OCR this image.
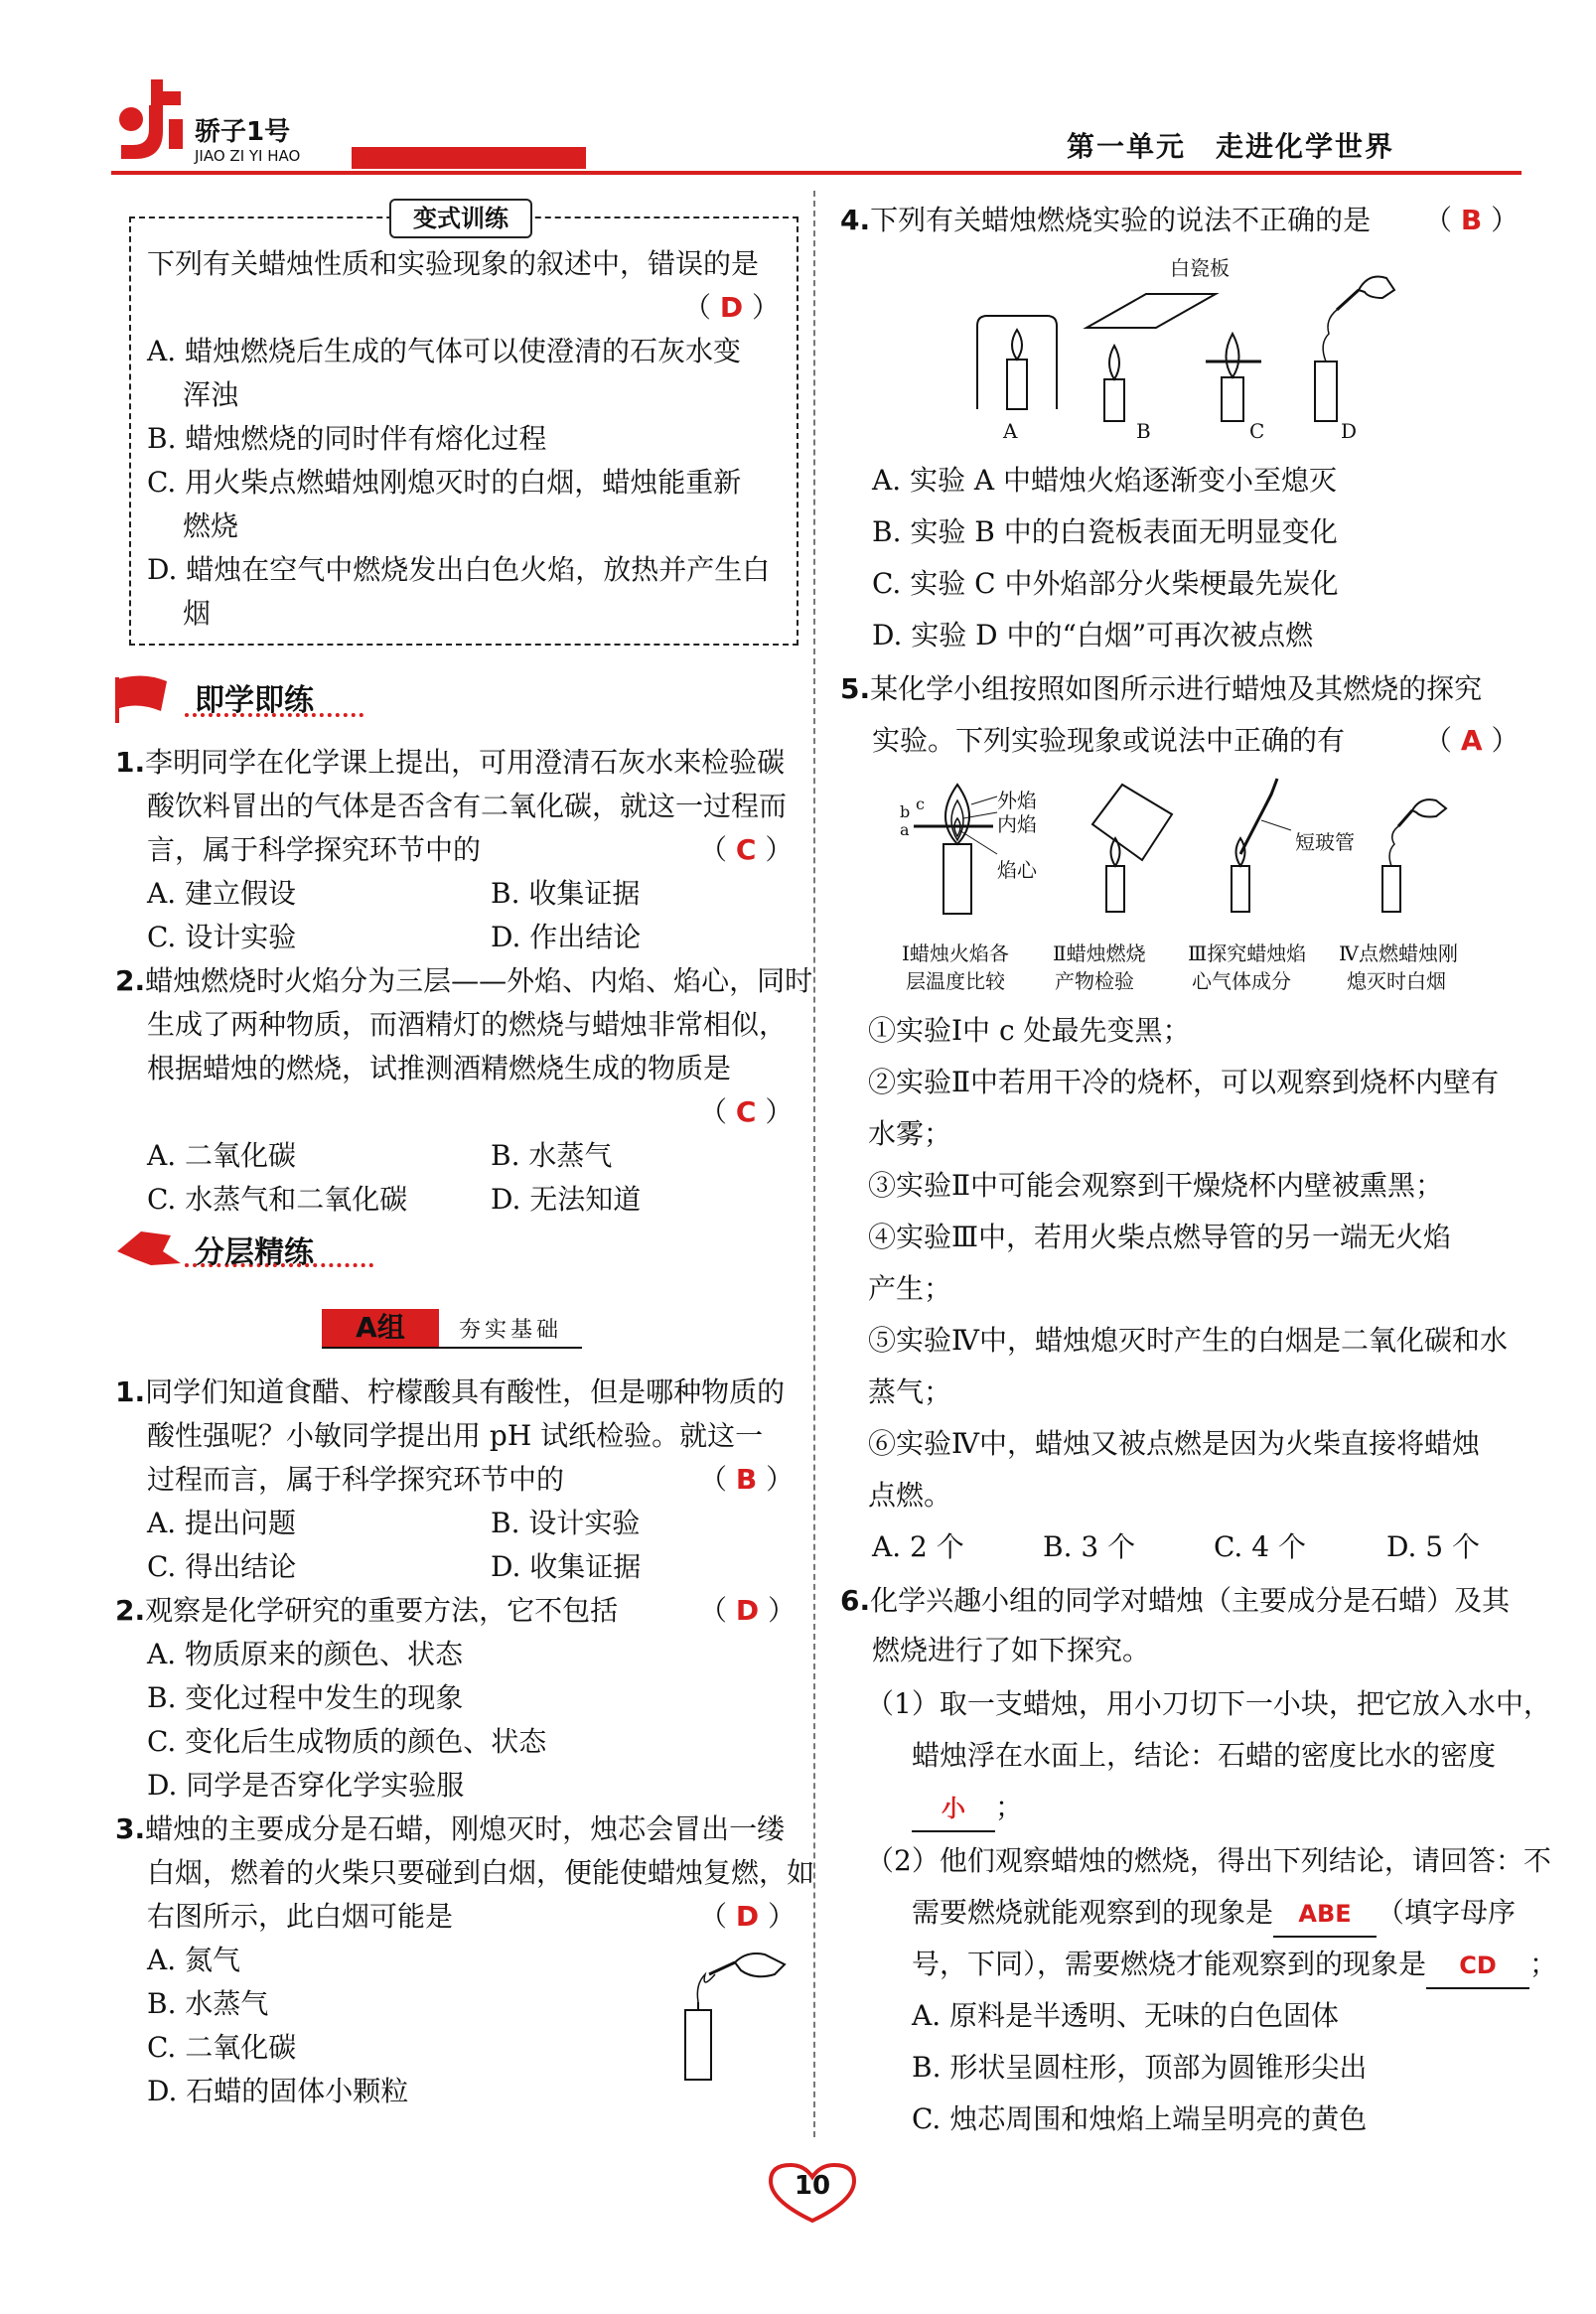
骄子1号
JIAO ZI YI HAO	第一单元　走进化学世界
变式训练
下列有关蜡烛性质和实验现象的叙述中，错误的是
（ D ）
A. 蜡烛燃烧后生成的气体可以使澄清的石灰水变
浑浊
B. 蜡烛燃烧的同时伴有熔化过程
C. 用火柴点燃蜡烛刚熄灭时的白烟，蜡烛能重新
燃烧
D. 蜡烛在空气中燃烧发出白色火焰，放热并产生白
烟
即学即练
1.李明同学在化学课上提出，可用澄清石灰水来检验碳
酸饮料冒出的气体是否含有二氧化碳，就这一过程而
言，属于科学探究环节中的	（ C ）
A. 建立假设	B. 收集证据
C. 设计实验	D. 作出结论
2.蜡烛燃烧时火焰分为三层——外焰、内焰、焰心，同时
生成了两种物质，而酒精灯的燃烧与蜡烛非常相似，
根据蜡烛的燃烧，试推测酒精燃烧生成的物质是
（ C ）
A. 二氧化碳	B. 水蒸气
C. 水蒸气和二氧化碳	D. 无法知道
分层精练
A组	夯实基础
1.同学们知道食醋、柠檬酸具有酸性，但是哪种物质的
酸性强呢？小敏同学提出用 pH 试纸检验。就这一
过程而言，属于科学探究环节中的	（ B ）
A. 提出问题	B. 设计实验
C. 得出结论	D. 收集证据
2.观察是化学研究的重要方法，它不包括	（ D ）
A. 物质原来的颜色、状态
B. 变化过程中发生的现象
C. 变化后生成物质的颜色、状态
D. 同学是否穿化学实验服
3.蜡烛的主要成分是石蜡，刚熄灭时，烛芯会冒出一缕
白烟，燃着的火柴只要碰到白烟，便能使蜡烛复燃，如
右图所示，此白烟可能是	（ D ）
A. 氮气
B. 水蒸气
C. 二氧化碳
D. 石蜡的固体小颗粒
4.下列有关蜡烛燃烧实验的说法不正确的是 （ B ）
白瓷板
A	B	C	D
A. 实验 A 中蜡烛火焰逐渐变小至熄灭
B. 实验 B 中的白瓷板表面无明显变化
C. 实验 C 中外焰部分火柴梗最先炭化
D. 实验 D 中的“白烟”可再次被点燃
5.某化学小组按照如图所示进行蜡烛及其燃烧的探究
实验。下列实验现象或说法中正确的有	（ A ）
外焰
内焰
焰心
a
b c
短玻管
Ⅰ蜡烛火焰各
层温度比较
Ⅱ蜡烛燃烧
产物检验
Ⅲ探究蜡烛焰
心气体成分
Ⅳ点燃蜡烛刚
熄灭时白烟
①实验Ⅰ中 c 处最先变黑；
②实验Ⅱ中若用干冷的烧杯，可以观察到烧杯内壁有
水雾；
③实验Ⅱ中可能会观察到干燥烧杯内壁被熏黑；
④实验Ⅲ中，若用火柴点燃导管的另一端无火焰
产生；
⑤实验Ⅳ中，蜡烛熄灭时产生的白烟是二氧化碳和水
蒸气；
⑥实验Ⅳ中，蜡烛又被点燃是因为火柴直接将蜡烛
点燃。
A. 2 个	B. 3 个	C. 4 个	D. 5 个
6.化学兴趣小组的同学对蜡烛（主要成分是石蜡）及其
燃烧进行了如下探究。
（1）取一支蜡烛，用小刀切下一小块，把它放入水中，
蜡烛浮在水面上，结论：石蜡的密度比水的密度
小 ；
（2）他们观察蜡烛的燃烧，得出下列结论，请回答：不
需要燃烧就能观察到的现象是 ABE （填字母序
号，下同），需要燃烧才能观察到的现象是 CD ；
A. 原料是半透明、无味的白色固体
B. 形状呈圆柱形，顶部为圆锥形尖出
C. 烛芯周围和烛焰上端呈明亮的黄色
10
